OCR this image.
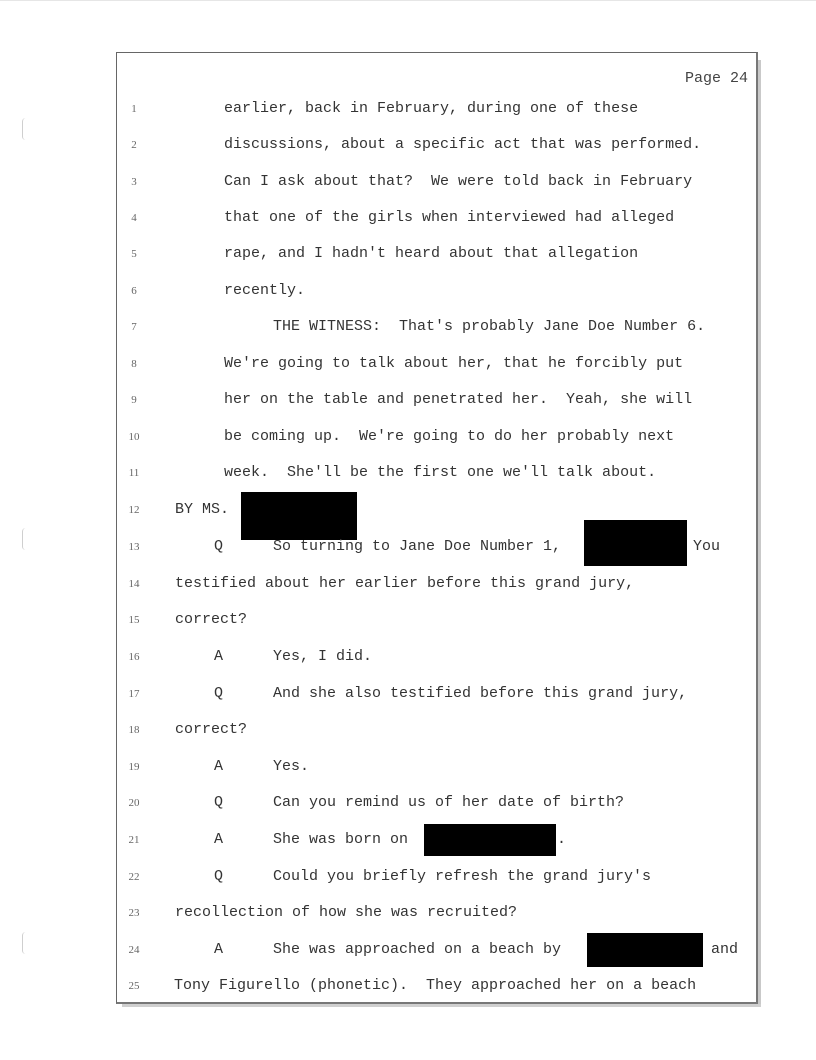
Page 24
1	earlier, back in February, during one of these
2	discussions, about a specific act that was performed.
3	Can I ask about that?  We were told back in February
4	that one of the girls when interviewed had alleged
5	rape, and I hadn't heard about that allegation
6	recently.
7	THE WITNESS:  That's probably Jane Doe Number 6.
8	We're going to talk about her, that he forcibly put
9	her on the table and penetrated her.  Yeah, she will
10	be coming up.  We're going to do her probably next
11	week.  She'll be the first one we'll talk about.
12	BY MS.
13	Q	So turning to Jane Doe Number 1,	You
14	testified about her earlier before this grand jury,
15	correct?
16	A	Yes, I did.
17	Q	And she also testified before this grand jury,
18	correct?
19	A	Yes.
20	Q	Can you remind us of her date of birth?
21	A	She was born on	.
22	Q	Could you briefly refresh the grand jury's
23	recollection of how she was recruited?
24	A	She was approached on a beach by	and
25	Tony Figurello (phonetic).  They approached her on a beach
